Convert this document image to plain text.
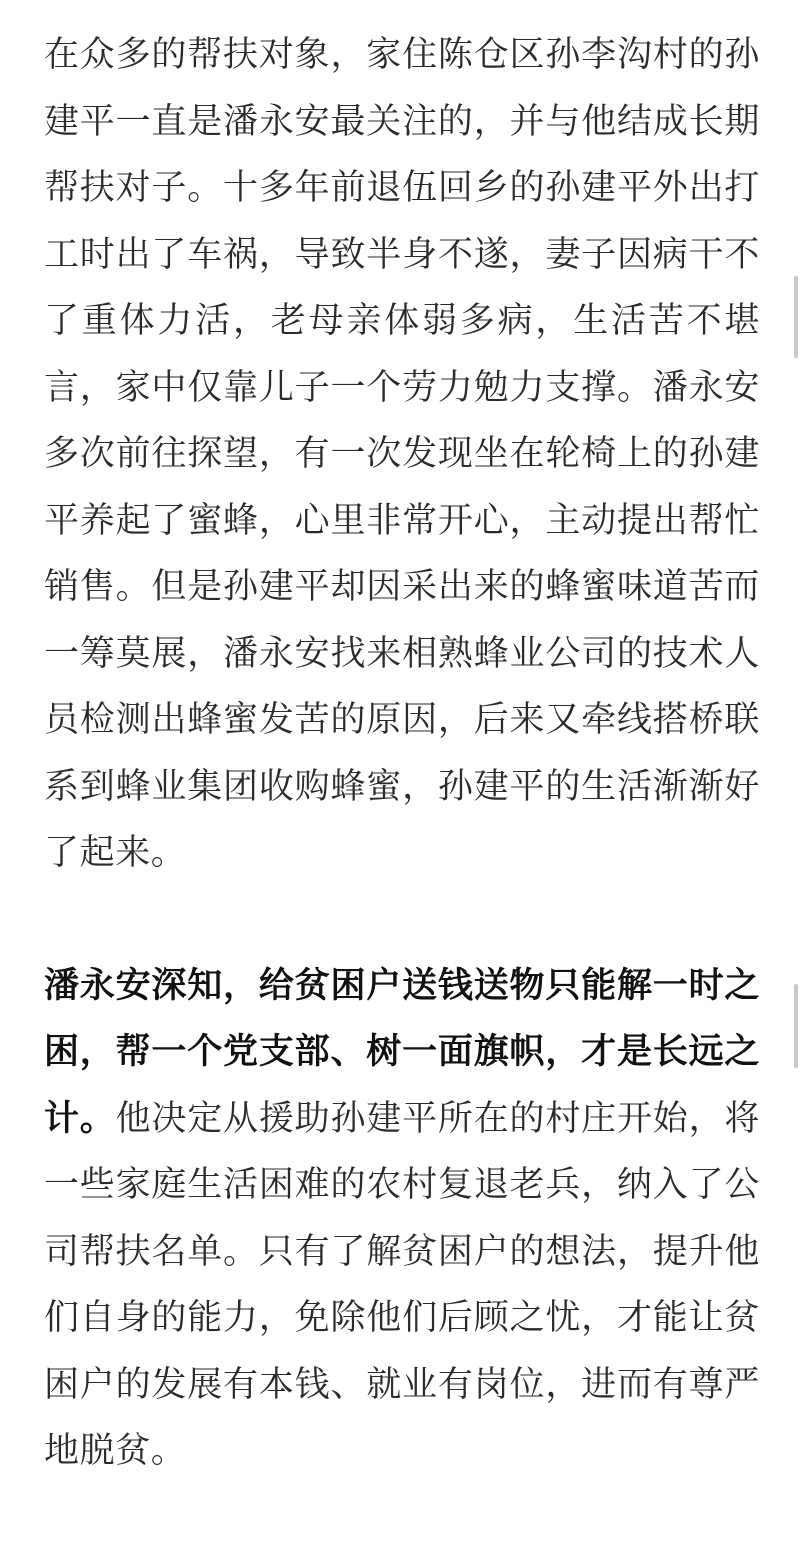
在众多的帮扶对象，家住陈仓区孙李沟村的孙建平一直是潘永安最关注的，并与他结成长期帮扶对子。十多年前退伍回乡的孙建平外出打工时出了车祸，导致半身不遂，妻子因病干不了重体力活，老母亲体弱多病，生活苦不堪言，家中仅靠儿子一个劳力勉力支撑。潘永安多次前往探望，有一次发现坐在轮椅上的孙建平养起了蜜蜂，心里非常开心，主动提出帮忙销售。但是孙建平却因采出来的蜂蜜味道苦而一筹莫展，潘永安找来相熟蜂业公司的技术人员检测出蜂蜜发苦的原因，后来又牵线搭桥联系到蜂业集团收购蜂蜜，孙建平的生活渐渐好了起来。

潘永安深知，给贫困户送钱送物只能解一时之困，帮一个党支部、树一面旗帜，才是长远之计。他决定从援助孙建平所在的村庄开始，将一些家庭生活困难的农村复退老兵，纳入了公司帮扶名单。只有了解贫困户的想法，提升他们自身的能力，免除他们后顾之忧，才能让贫困户的发展有本钱、就业有岗位，进而有尊严地脱贫。
